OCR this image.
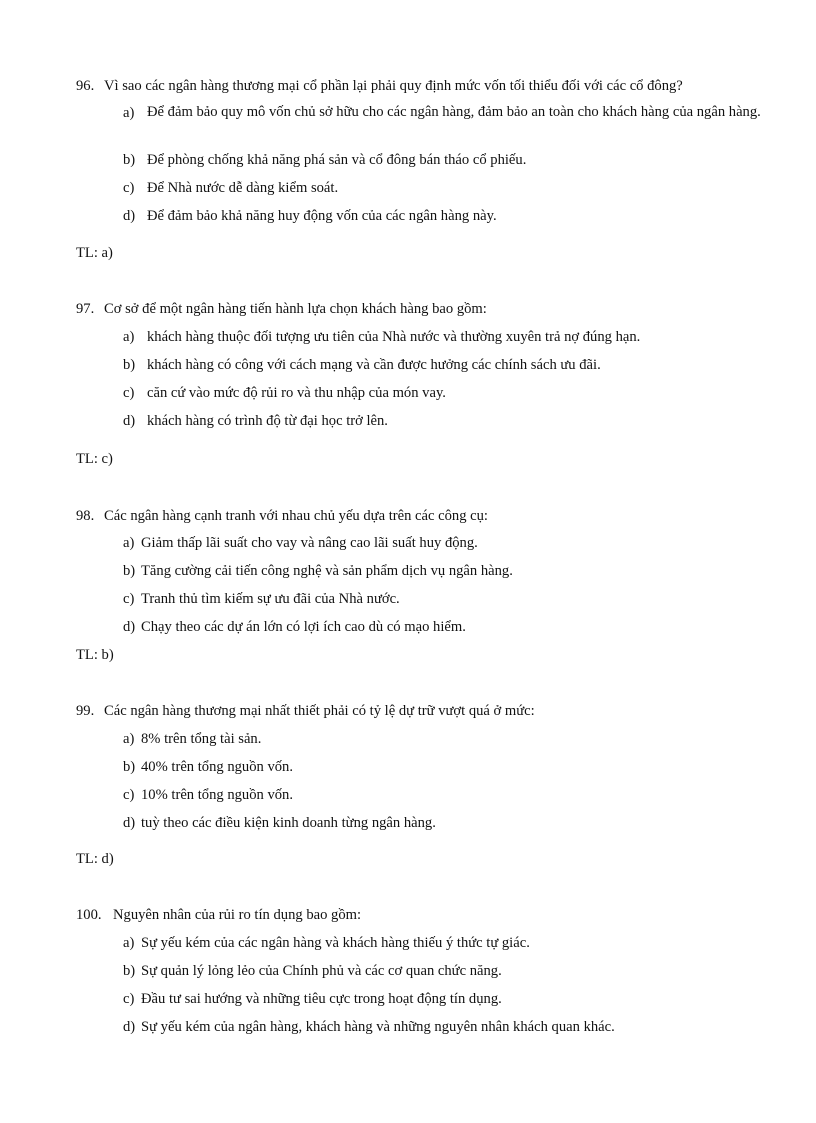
96. Vì sao các ngân hàng thương mại cổ phần lại phải quy định mức vốn tối thiểu đối với các cổ đông?
a) Để đảm bảo quy mô vốn chủ sở hữu cho các ngân hàng, đảm bảo an toàn cho khách hàng của ngân hàng.
b) Để phòng chống khả năng phá sản và cổ đông bán tháo cổ phiếu.
c) Để Nhà nước dễ dàng kiểm soát.
d) Để đảm bảo khả năng huy động vốn của các ngân hàng này.
TL: a)
97. Cơ sở để một ngân hàng tiến hành lựa chọn khách hàng bao gồm:
a) khách hàng thuộc đối tượng ưu tiên của Nhà nước và thường xuyên trả nợ đúng hạn.
b) khách hàng có công với cách mạng và cần được hưởng các chính sách ưu đãi.
c) căn cứ vào mức độ rủi ro và thu nhập của món vay.
d) khách hàng có trình độ từ đại học trở lên.
TL: c)
98. Các ngân hàng cạnh tranh với nhau chủ yếu dựa trên các công cụ:
a) Giảm thấp lãi suất cho vay và nâng cao lãi suất huy động.
b) Tăng cường cải tiến công nghệ và sản phẩm dịch vụ ngân hàng.
c) Tranh thủ tìm kiếm sự ưu đãi của Nhà nước.
d) Chạy theo các dự án lớn có lợi ích cao dù có mạo hiểm.
TL: b)
99. Các ngân hàng thương mại nhất thiết phải có tỷ lệ dự trữ vượt quá ở mức:
a) 8% trên tổng tài sản.
b) 40% trên tổng nguồn vốn.
c) 10% trên tổng nguồn vốn.
d) tuỳ theo các điều kiện kinh doanh từng ngân hàng.
TL: d)
100. Nguyên nhân của rủi ro tín dụng bao gồm:
a) Sự yếu kém của các ngân hàng và khách hàng thiếu ý thức tự giác.
b) Sự quản lý lỏng lẻo của Chính phủ và các cơ quan chức năng.
c) Đầu tư sai hướng và những tiêu cực trong hoạt động tín dụng.
d) Sự yếu kém của ngân hàng, khách hàng và những nguyên nhân khách quan khác.
